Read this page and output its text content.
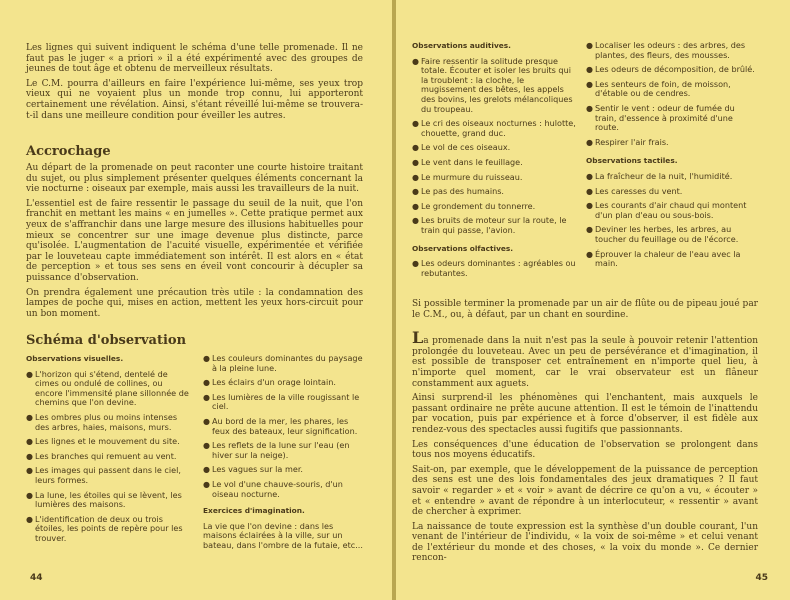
Les lignes qui suivent indiquent le schéma d'une telle promenade. Il ne faut pas le juger « a priori » il a été expérimenté avec des groupes de jeunes de tout âge et obtenu de merveilleux résultats.

Le C.M. pourra d'ailleurs en faire l'expérience lui-même, ses yeux trop vieux qui ne voyaient plus un monde trop connu, lui apporteront certainement une révélation. Ainsi, s'étant réveillé lui-même se trouvera-t-il dans une meilleure condition pour éveiller les autres.

Accrochage

Au départ de la promenade on peut raconter une courte histoire traitant du sujet, ou plus simplement présenter quelques éléments concernant la vie nocturne : oiseaux par exemple, mais aussi les travailleurs de la nuit.

L'essentiel est de faire ressentir le passage du seuil de la nuit, que l'on franchit en mettant les mains « en jumelles ». Cette pratique permet aux yeux de s'affranchir dans une large mesure des illusions habituelles pour mieux se concentrer sur une image devenue plus distincte, parce qu'isolée. L'augmentation de l'acuité visuelle, expérimentée et vérifiée par le louveteau capte immédiatement son intérêt. Il est alors en « état de perception » et tous ses sens en éveil vont concourir à décupler sa puissance d'observation.

On prendra également une précaution très utile : la condamnation des lampes de poche qui, mises en action, mettent les yeux hors-circuit pour un bon moment.

Schéma d'observation

Observations visuelles.

● L'horizon qui s'étend, dentelé de cimes ou ondulé de collines, ou encore l'immensité plane sillonnée de chemins que l'on devine.
● Les ombres plus ou moins intenses des arbres, haies, maisons, murs.
● Les lignes et le mouvement du site.
● Les branches qui remuent au vent.
● Les images qui passent dans le ciel, leurs formes.
● La lune, les étoiles qui se lèvent, les lumières des maisons.
● L'identification de deux ou trois étoiles, les points de repère pour les trouver.
● Les couleurs dominantes du paysage à la pleine lune.
● Les éclairs d'un orage lointain.
● Les lumières de la ville rougissant le ciel.
● Au bord de la mer, les phares, les feux des bateaux, leur signification.
● Les reflets de la lune sur l'eau (en hiver sur la neige).
● Les vagues sur la mer.
● Le vol d'une chauve-souris, d'un oiseau nocturne.

Exercices d'imagination.

La vie que l'on devine : dans les maisons éclairées à la ville, sur un bateau, dans l'ombre de la futaie, etc...

44

Observations auditives.

● Faire ressentir la solitude presque totale. Écouter et isoler les bruits qui la troublent : la cloche, le mugissement des bêtes, les appels des bovins, les grelots mélancoliques du troupeau.
● Le cri des oiseaux nocturnes : hulotte, chouette, grand duc.
● Le vol de ces oiseaux.
● Le vent dans le feuillage.
● Le murmure du ruisseau.
● Le pas des humains.
● Le grondement du tonnerre.
● Les bruits de moteur sur la route, le train qui passe, l'avion.

Observations olfactives.

● Les odeurs dominantes : agréables ou rebutantes.
● Localiser les odeurs : des arbres, des plantes, des fleurs, des mousses.
● Les odeurs de décomposition, de brûlé.
● Les senteurs de foin, de moisson, d'étable ou de cendres.
● Sentir le vent : odeur de fumée du train, d'essence à proximité d'une route.
● Respirer l'air frais.

Observations tactiles.

● La fraîcheur de la nuit, l'humidité.
● Les caresses du vent.
● Les courants d'air chaud qui montent d'un plan d'eau ou sous-bois.
● Deviner les herbes, les arbres, au toucher du feuillage ou de l'écorce.
● Éprouver la chaleur de l'eau avec la main.

Si possible terminer la promenade par un air de flûte ou de pipeau joué par le C.M., ou, à défaut, par un chant en sourdine.

La promenade dans la nuit n'est pas la seule à pouvoir retenir l'attention prolongée du louveteau. Avec un peu de persévérance et d'imagination, il est possible de transposer cet entraînement en n'importe quel lieu, à n'importe quel moment, car le vrai observateur est un flâneur constamment aux aguets.

Ainsi surprend-il les phénomènes qui l'enchantent, mais auxquels le passant ordinaire ne prête aucune attention. Il est le témoin de l'inattendu par vocation, puis par expérience et à force d'observer, il est fidèle aux rendez-vous des spectacles aussi fugitifs que passionnants.

Les conséquences d'une éducation de l'observation se prolongent dans tous nos moyens éducatifs.

Sait-on, par exemple, que le développement de la puissance de perception des sens est une des lois fondamentales des jeux dramatiques ? Il faut savoir « regarder » et « voir » avant de décrire ce qu'on a vu, « écouter » et « entendre » avant de répondre à un interlocuteur, « ressentir » avant de chercher à exprimer.

La naissance de toute expression est la synthèse d'un double courant, l'un venant de l'intérieur de l'individu, « la voix de soi-même » et celui venant de l'extérieur du monde et des choses, « la voix du monde ». Ce dernier rencon-

45
